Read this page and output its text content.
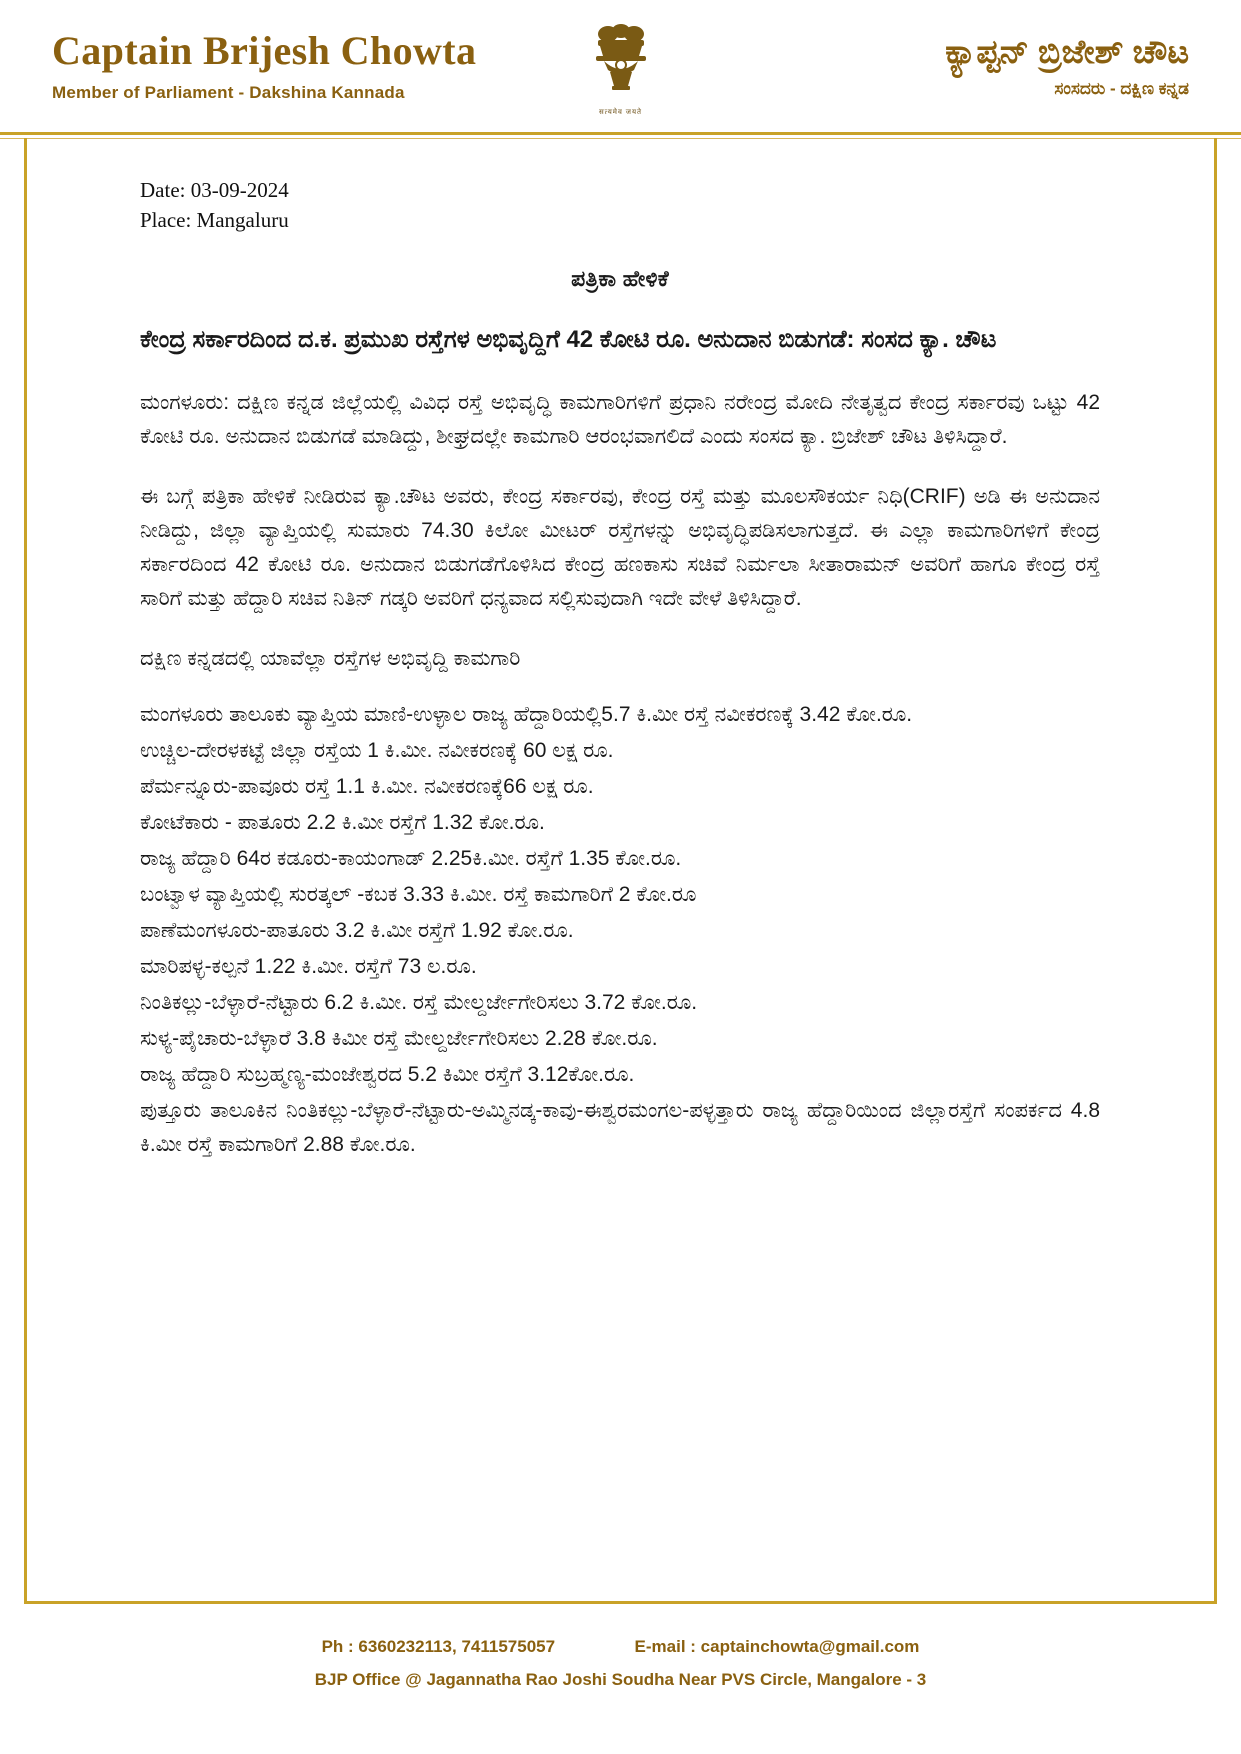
Captain Brijesh Chowta
Member of Parliament - Dakshina Kannada
सत्यमेव जयते
ಕ್ಯಾಪ್ಟನ್ ಬ್ರಿಜೇಶ್ ಚೌಟ
ಸಂಸದರು - ದಕ್ಷಿಣ ಕನ್ನಡ
Date: 03-09-2024
Place: Mangaluru
ಪತ್ರಿಕಾ ಹೇಳಿಕೆ
ಕೇಂದ್ರ ಸರ್ಕಾರದಿಂದ ದ.ಕ. ಪ್ರಮುಖ ರಸ್ತೆಗಳ ಅಭಿವೃದ್ದಿಗೆ 42 ಕೋಟಿ ರೂ. ಅನುದಾನ ಬಿಡುಗಡೆ: ಸಂಸದ ಕ್ಯಾ. ಚೌಟ

ಮಂಗಳೂರು: ದಕ್ಷಿಣ ಕನ್ನಡ ಜಿಲ್ಲೆಯಲ್ಲಿ ವಿವಿಧ ರಸ್ತೆ ಅಭಿವೃದ್ಧಿ ಕಾಮಗಾರಿಗಳಿಗೆ ಪ್ರಧಾನಿ ನರೇಂದ್ರ ಮೋದಿ ನೇತೃತ್ವದ ಕೇಂದ್ರ ಸರ್ಕಾರವು ಒಟ್ಟು 42 ಕೋಟಿ ರೂ. ಅನುದಾನ ಬಿಡುಗಡೆ ಮಾಡಿದ್ದು, ಶೀಘ್ರದಲ್ಲೇ ಕಾಮಗಾರಿ ಆರಂಭವಾಗಲಿದೆ ಎಂದು ಸಂಸದ ಕ್ಯಾ. ಬ್ರಿಜೇಶ್ ಚೌಟ ತಿಳಿಸಿದ್ದಾರೆ.

ಈ ಬಗ್ಗೆ ಪತ್ರಿಕಾ ಹೇಳಿಕೆ ನೀಡಿರುವ ಕ್ಯಾ.ಚೌಟ ಅವರು, ಕೇಂದ್ರ ಸರ್ಕಾರವು, ಕೇಂದ್ರ ರಸ್ತೆ ಮತ್ತು ಮೂಲಸೌಕರ್ಯ ನಿಧಿ(CRIF) ಅಡಿ ಈ ಅನುದಾನ ನೀಡಿದ್ದು, ಜಿಲ್ಲಾ ವ್ಯಾಪ್ತಿಯಲ್ಲಿ ಸುಮಾರು 74.30 ಕಿಲೋ ಮೀಟರ್ ರಸ್ತೆಗಳನ್ನು ಅಭಿವೃದ್ಧಿಪಡಿಸಲಾಗುತ್ತದೆ. ಈ ಎಲ್ಲಾ ಕಾಮಗಾರಿಗಳಿಗೆ ಕೇಂದ್ರ ಸರ್ಕಾರದಿಂದ 42 ಕೋಟಿ ರೂ. ಅನುದಾನ ಬಿಡುಗಡೆಗೊಳಿಸಿದ ಕೇಂದ್ರ ಹಣಕಾಸು ಸಚಿವೆ ನಿರ್ಮಲಾ ಸೀತಾರಾಮನ್ ಅವರಿಗೆ ಹಾಗೂ ಕೇಂದ್ರ ರಸ್ತೆ ಸಾರಿಗೆ ಮತ್ತು ಹೆದ್ದಾರಿ ಸಚಿವ ನಿತಿನ್ ಗಡ್ಕರಿ ಅವರಿಗೆ ಧನ್ಯವಾದ ಸಲ್ಲಿಸುವುದಾಗಿ ಇದೇ ವೇಳೆ ತಿಳಿಸಿದ್ದಾರೆ.

ದಕ್ಷಿಣ ಕನ್ನಡದಲ್ಲಿ ಯಾವೆಲ್ಲಾ ರಸ್ತೆಗಳ ಅಭಿವೃದ್ದಿ ಕಾಮಗಾರಿ
ಮಂಗಳೂರು ತಾಲೂಕು ವ್ಯಾಪ್ತಿಯ ಮಾಣಿ-ಉಳ್ಳಾಲ ರಾಜ್ಯ ಹೆದ್ದಾರಿಯಲ್ಲಿ5.7 ಕಿ.ಮೀ ರಸ್ತೆ ನವೀಕರಣಕ್ಕೆ 3.42 ಕೋ.ರೂ.
ಉಚ್ಚಿಲ-ದೇರಳಕಟ್ಟೆ ಜಿಲ್ಲಾ ರಸ್ತೆಯ 1 ಕಿ.ಮೀ. ನವೀಕರಣಕ್ಕೆ 60 ಲಕ್ಷ ರೂ.
ಪೆರ್ಮನ್ನೂರು-ಪಾವೂರು ರಸ್ತೆ 1.1 ಕಿ.ಮೀ. ನವೀಕರಣಕ್ಕೆ66 ಲಕ್ಷ ರೂ.
ಕೋಟೆಕಾರು - ಪಾತೂರು 2.2 ಕಿ.ಮೀ ರಸ್ತೆಗೆ 1.32 ಕೋ.ರೂ.
ರಾಜ್ಯ ಹೆದ್ದಾರಿ 64ರ ಕಡೂರು-ಕಾಯಂಗಾಡ್ 2.25ಕಿ.ಮೀ. ರಸ್ತೆಗೆ 1.35 ಕೋ.ರೂ.
ಬಂಟ್ವಾಳ ವ್ಯಾಪ್ತಿಯಲ್ಲಿ ಸುರತ್ಕಲ್ -ಕಬಕ 3.33 ಕಿ.ಮೀ. ರಸ್ತೆ ಕಾಮಗಾರಿಗೆ 2 ಕೋ.ರೂ
ಪಾಣೆಮಂಗಳೂರು-ಪಾತೂರು 3.2 ಕಿ.ಮೀ ರಸ್ತೆಗೆ 1.92 ಕೋ.ರೂ.
ಮಾರಿಪಳ್ಳ-ಕಲ್ಪನೆ 1.22 ಕಿ.ಮೀ. ರಸ್ತೆಗೆ 73 ಲ.ರೂ.
ನಿಂತಿಕಲ್ಲು-ಬೆಳ್ಳಾರೆ-ನೆಟ್ಟಾರು 6.2 ಕಿ.ಮೀ. ರಸ್ತೆ ಮೇಲ್ದರ್ಜೇಗೇರಿಸಲು 3.72 ಕೋ.ರೂ.
ಸುಳ್ಯ-ಪೈಚಾರು-ಬೆಳ್ಳಾರೆ 3.8 ಕಿಮೀ ರಸ್ತೆ ಮೇಲ್ದರ್ಜೇಗೇರಿಸಲು 2.28 ಕೋ.ರೂ.
ರಾಜ್ಯ ಹೆದ್ದಾರಿ ಸುಬ್ರಹ್ಮಣ್ಯ-ಮಂಜೇಶ್ವರದ 5.2 ಕಿಮೀ ರಸ್ತೆಗೆ 3.12ಕೋ.ರೂ.
ಪುತ್ತೂರು ತಾಲೂಕಿನ ನಿಂತಿಕಲ್ಲು-ಬೆಳ್ಳಾರೆ-ನೆಟ್ಟಾರು-ಅಮ್ಮಿನಡ್ಕ-ಕಾವು-ಈಶ್ವರಮಂಗಲ-ಪಳ್ಳತ್ತಾರು ರಾಜ್ಯ ಹೆದ್ದಾರಿಯಿಂದ ಜಿಲ್ಲಾರಸ್ತೆಗೆ ಸಂಪರ್ಕದ 4.8 ಕಿ.ಮೀ ರಸ್ತೆ ಕಾಮಗಾರಿಗೆ 2.88 ಕೋ.ರೂ.
Ph : 6360232113, 7411575057	E-mail : captainchowta@gmail.com
BJP Office @ Jagannatha Rao Joshi Soudha Near PVS Circle, Mangalore - 3
